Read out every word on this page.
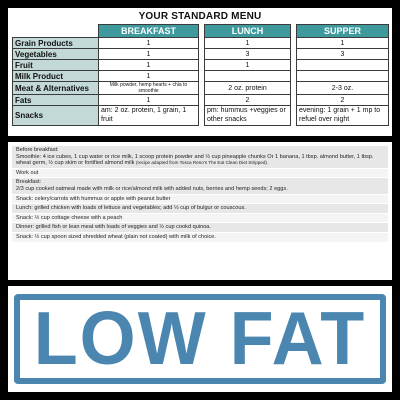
YOUR STANDARD MENU
	BREAKFAST		LUNCH		SUPPER
Grain Products	1		1		1
Vegetables	1		3		3
Fruit	1		1		
Milk Product	1				
Meat & Alternatives	Milk powder, hemp hearts + chia to smoothie		2 oz. protein		2-3 oz.
Fats	1		2		2
Snacks	am: 2 oz. protein, 1 grain, 1 fruit		pm: hummus +veggies or other snacks		evening: 1 grain + 1 mp to refuel over night
Before breakfast:
Smoothie: 4 ice cubes, 1 cup water or rice milk, 1 scoop protein powder and ½ cup pineapple chunks Or 1 banana, 1 tbsp. almond butter, 1 tbsp. wheat germ, ½ cup skim or fortified almond milk (recipe adapted from Tosca Reno's The Eat Clean Diet Stripped).
Work out
Breakfast:
2/3 cup cooked oatmeal made with milk or rice/almond milk with added nuts, berries and hemp seeds; 2 eggs.
Snack: celery/carrots with hummus or apple with peanut butter
Lunch: grilled chicken with loads of lettuce and vegetables; add ½ cup of bulgur or couscous.
Snack: ½ cup cottage cheese with a peach
Dinner: grilled fish or lean meat with loads of veggies and ½ cup cookd quinoa.
Snack: ½ cup spoon sized shredded wheat (plain not coated) with milk of choice.
LOW FAT
